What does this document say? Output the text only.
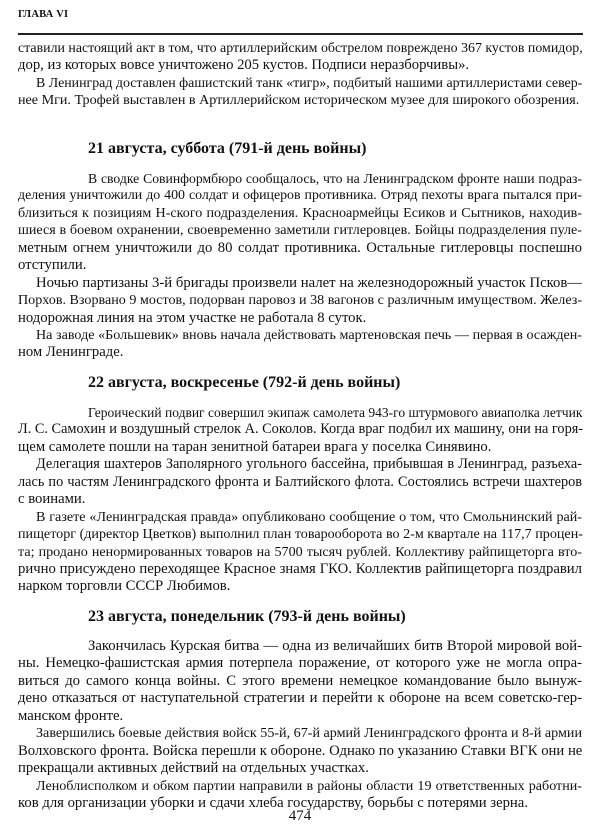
ГЛАВА VI
ставили настоящий акт в том, что артиллерийским обстрелом повреждено 367 кустов помидор,
дор, из которых вовсе уничтожено 205 кустов. Подписи неразборчивы».
В Ленинград доставлен фашистский танк «тигр», подбитый нашими артиллеристами север-
нее Мги. Трофей выставлен в Артиллерийском историческом музее для широкого обозрения.
21 августа, суббота (791-й день войны)
В сводке Совинформбюро сообщалось, что на Ленинградском фронте наши подраз-
деления уничтожили до 400 солдат и офицеров противника. Отряд пехоты врага пытался при-
близиться к позициям Н-ского подразделения. Красноармейцы Есиков и Сытников, находив-
шиеся в боевом охранении, своевременно заметили гитлеровцев. Бойцы подразделения пуле-
метным огнем уничтожили до 80 солдат противника. Остальные гитлеровцы поспешно
отступили.
Ночью партизаны 3-й бригады произвели налет на железнодорожный участок Псков—
Порхов. Взорвано 9 мостов, подорван паровоз и 38 вагонов с различным имуществом. Желез-
нодорожная линия на этом участке не работала 8 суток.
На заводе «Большевик» вновь начала действовать мартеновская печь — первая в осажден-
ном Ленинграде.
22 августа, воскресенье (792-й день войны)
Героический подвиг совершил экипаж самолета 943-го штурмового авиаполка летчик
Л. С. Самохин и воздушный стрелок А. Соколов. Когда враг подбил их машину, они на горя-
щем самолете пошли на таран зенитной батареи врага у поселка Синявино.
Делегация шахтеров Заполярного угольного бассейна, прибывшая в Ленинград, разъеха-
лась по частям Ленинградского фронта и Балтийского флота. Состоялись встречи шахтеров
с воинами.
В газете «Ленинградская правда» опубликовано сообщение о том, что Смольнинский рай-
пищеторг (директор Цветков) выполнил план товарооборота во 2-м квартале на 117,7 процен-
та; продано ненормированных товаров на 5700 тысяч рублей. Коллективу райпищеторга вто-
рично присуждено переходящее Красное знамя ГКО. Коллектив райпищеторга поздравил
нарком торговли СССР Любимов.
23 августа, понедельник (793-й день войны)
Закончилась Курская битва — одна из величайших битв Второй мировой вой-
ны. Немецко-фашистская армия потерпела поражение, от которого уже не могла опра-
виться до самого конца войны. С этого времени немецкое командование было вынуж-
дено отказаться от наступательной стратегии и перейти к обороне на всем советско-гер-
манском фронте.
Завершились боевые действия войск 55-й, 67-й армий Ленинградского фронта и 8-й армии
Волховского фронта. Войска перешли к обороне. Однако по указанию Ставки ВГК они не
прекращали активных действий на отдельных участках.
Леноблисполком и обком партии направили в районы области 19 ответственных работни-
ков для организации уборки и сдачи хлеба государству, борьбы с потерями зерна.
474
